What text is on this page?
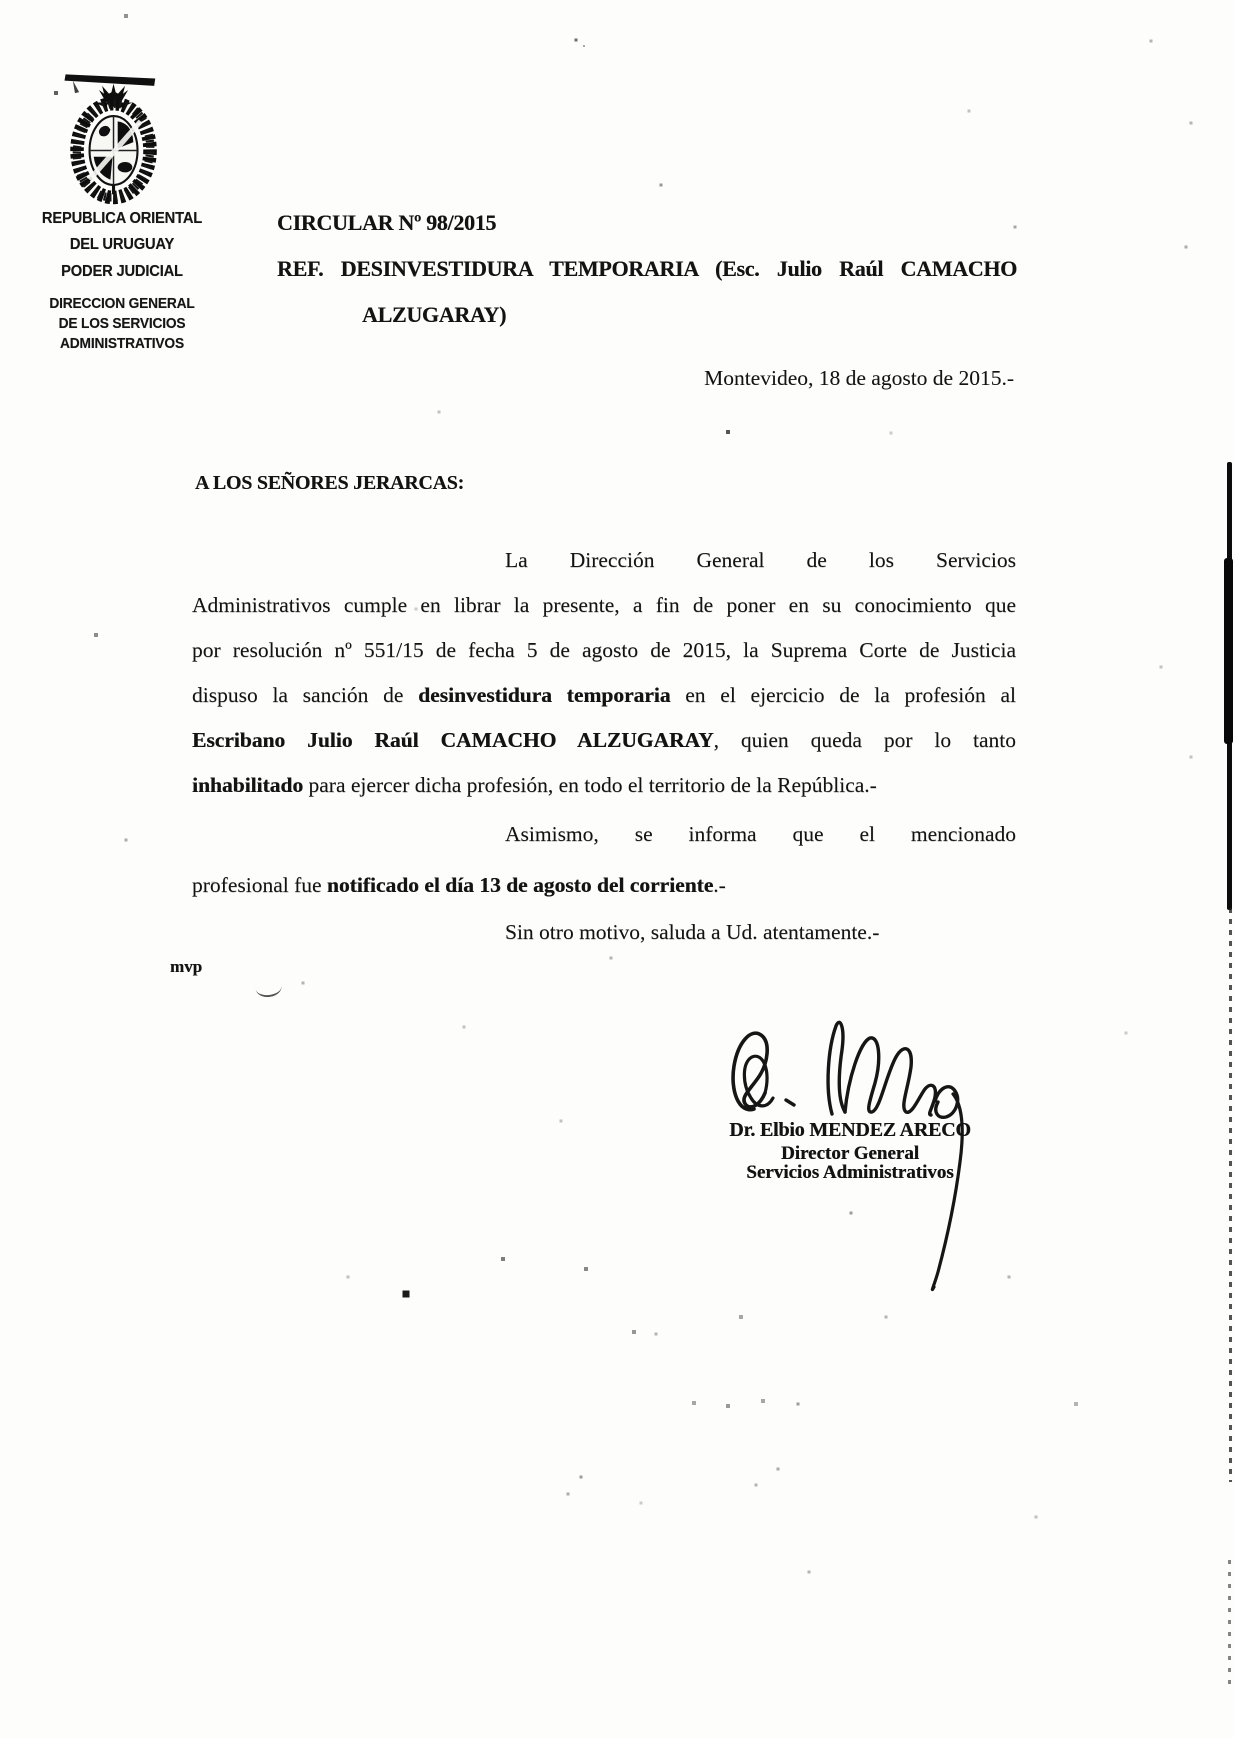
REPUBLICA ORIENTAL
DEL URUGUAY
PODER JUDICIAL
DIRECCION GENERAL
DE LOS SERVICIOS
ADMINISTRATIVOS
CIRCULAR Nº 98/2015
REF. DESINVESTIDURA TEMPORARIA (Esc. Julio Raúl CAMACHO
ALZUGARAY)
Montevideo, 18 de agosto de 2015.-
A LOS SEÑORES JERARCAS:
La Dirección General de los Servicios
Administrativos cumple en librar la presente, a fin de poner en su conocimiento que
por resolución nº 551/15 de fecha 5 de agosto de 2015, la Suprema Corte de Justicia
dispuso la sanción de desinvestidura temporaria en el ejercicio de la profesión al
Escribano Julio Raúl CAMACHO ALZUGARAY, quien queda por lo tanto
inhabilitado para ejercer dicha profesión, en todo el territorio de la República.-
Asimismo, se informa que el mencionado
profesional fue notificado el día 13 de agosto del corriente.-
Sin otro motivo, saluda a Ud. atentamente.-
mvp
Dr. Elbio MENDEZ ARECO
Director General
Servicios Administrativos
